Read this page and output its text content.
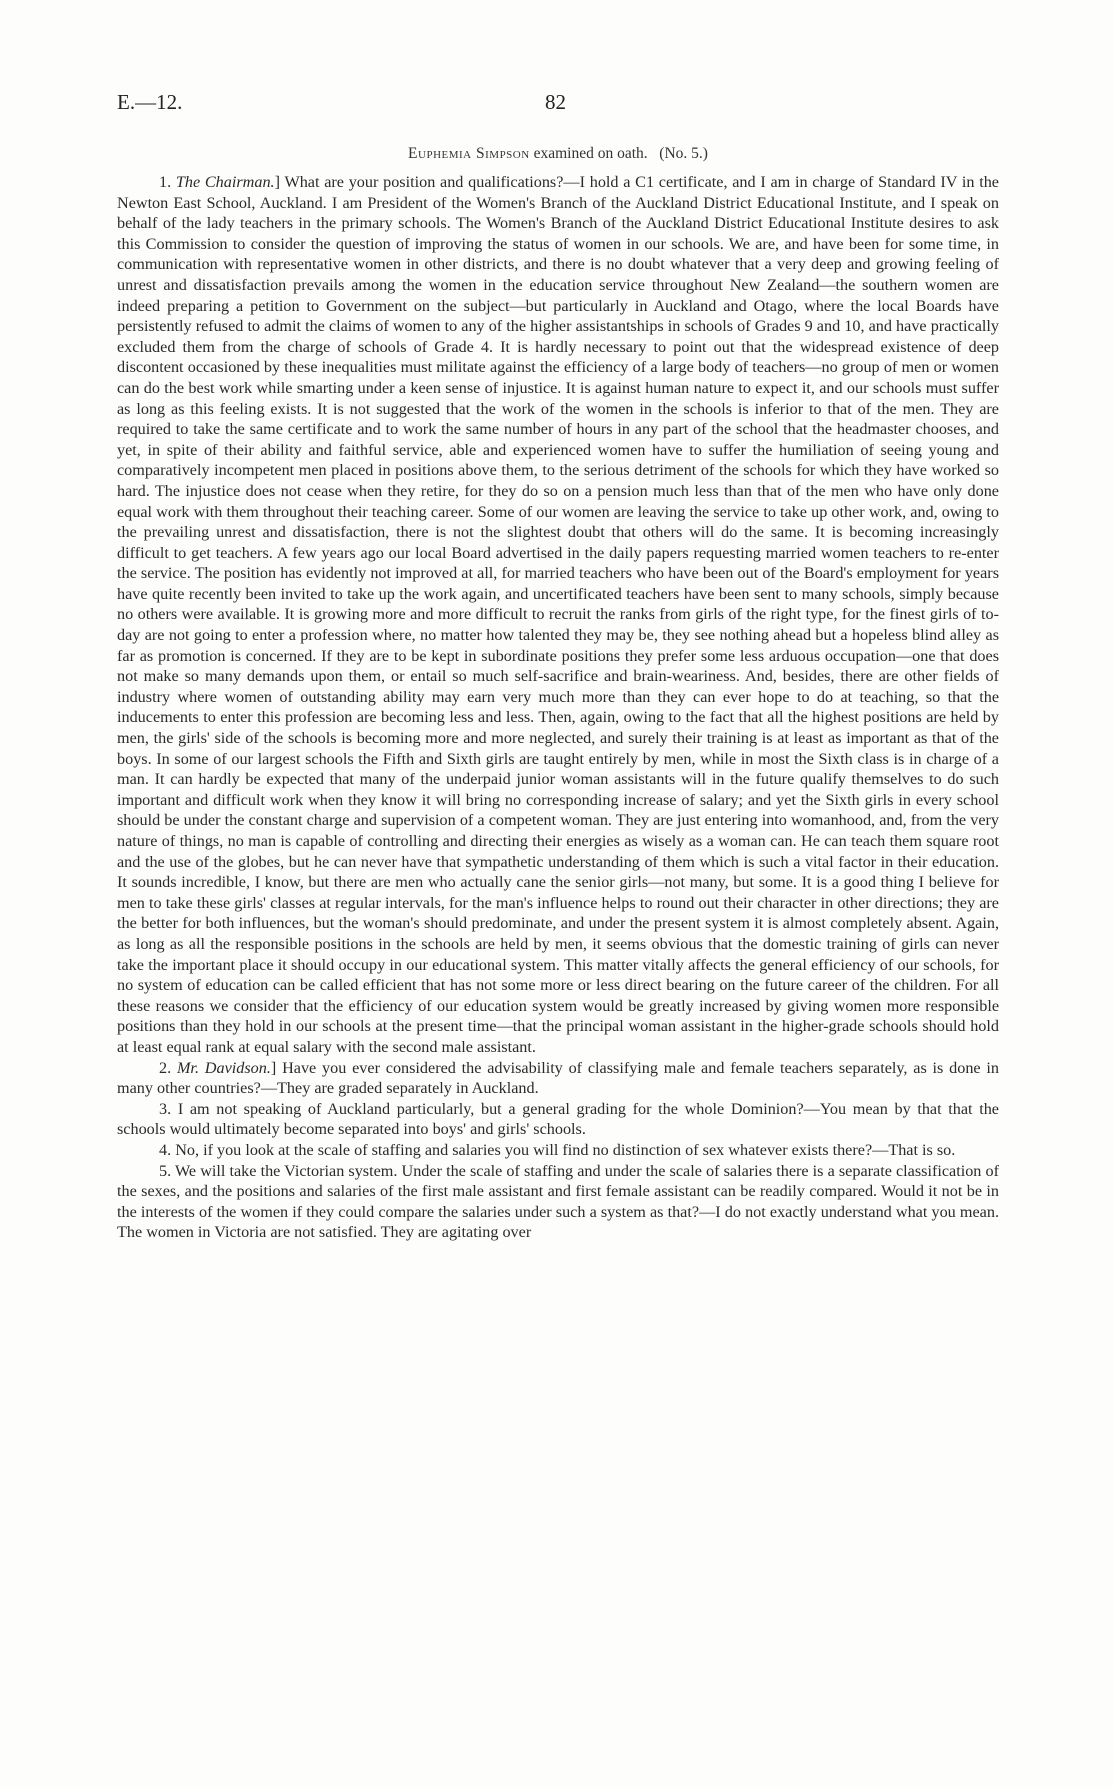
E.—12.	82
Euphemia Simpson examined on oath. (No. 5.)

1. The Chairman.] What are your position and qualifications?—I hold a C1 certificate, and I am in charge of Standard IV in the Newton East School, Auckland. I am President of the Women's Branch of the Auckland District Educational Institute, and I speak on behalf of the lady teachers in the primary schools. The Women's Branch of the Auckland District Educational Institute desires to ask this Commission to consider the question of improving the status of women in our schools. We are, and have been for some time, in communication with representative women in other districts, and there is no doubt whatever that a very deep and growing feeling of unrest and dissatisfaction prevails among the women in the education service throughout New Zealand—the southern women are indeed preparing a petition to Government on the subject—but particularly in Auckland and Otago, where the local Boards have persistently refused to admit the claims of women to any of the higher assistantships in schools of Grades 9 and 10, and have practically excluded them from the charge of schools of Grade 4. It is hardly necessary to point out that the widespread existence of deep discontent occasioned by these inequalities must militate against the efficiency of a large body of teachers—no group of men or women can do the best work while smarting under a keen sense of injustice. It is against human nature to expect it, and our schools must suffer as long as this feeling exists. It is not suggested that the work of the women in the schools is inferior to that of the men. They are required to take the same certificate and to work the same number of hours in any part of the school that the headmaster chooses, and yet, in spite of their ability and faithful service, able and experienced women have to suffer the humiliation of seeing young and comparatively incompetent men placed in positions above them, to the serious detriment of the schools for which they have worked so hard. The injustice does not cease when they retire, for they do so on a pension much less than that of the men who have only done equal work with them throughout their teaching career. Some of our women are leaving the service to take up other work, and, owing to the prevailing unrest and dissatisfaction, there is not the slightest doubt that others will do the same. It is becoming increasingly difficult to get teachers. A few years ago our local Board advertised in the daily papers requesting married women teachers to re-enter the service. The position has evidently not improved at all, for married teachers who have been out of the Board's employment for years have quite recently been invited to take up the work again, and uncertificated teachers have been sent to many schools, simply because no others were available. It is growing more and more difficult to recruit the ranks from girls of the right type, for the finest girls of to-day are not going to enter a profession where, no matter how talented they may be, they see nothing ahead but a hopeless blind alley as far as promotion is concerned. If they are to be kept in subordinate positions they prefer some less arduous occupation—one that does not make so many demands upon them, or entail so much self-sacrifice and brain-weariness. And, besides, there are other fields of industry where women of outstanding ability may earn very much more than they can ever hope to do at teaching, so that the inducements to enter this profession are becoming less and less. Then, again, owing to the fact that all the highest positions are held by men, the girls' side of the schools is becoming more and more neglected, and surely their training is at least as important as that of the boys. In some of our largest schools the Fifth and Sixth girls are taught entirely by men, while in most the Sixth class is in charge of a man. It can hardly be expected that many of the underpaid junior woman assistants will in the future qualify themselves to do such important and difficult work when they know it will bring no corresponding increase of salary; and yet the Sixth girls in every school should be under the constant charge and supervision of a competent woman. They are just entering into womanhood, and, from the very nature of things, no man is capable of controlling and directing their energies as wisely as a woman can. He can teach them square root and the use of the globes, but he can never have that sympathetic understanding of them which is such a vital factor in their education. It sounds incredible, I know, but there are men who actually cane the senior girls—not many, but some. It is a good thing I believe for men to take these girls' classes at regular intervals, for the man's influence helps to round out their character in other directions; they are the better for both influences, but the woman's should predominate, and under the present system it is almost completely absent. Again, as long as all the responsible positions in the schools are held by men, it seems obvious that the domestic training of girls can never take the important place it should occupy in our educational system. This matter vitally affects the general efficiency of our schools, for no system of education can be called efficient that has not some more or less direct bearing on the future career of the children. For all these reasons we consider that the efficiency of our education system would be greatly increased by giving women more responsible positions than they hold in our schools at the present time—that the principal woman assistant in the higher-grade schools should hold at least equal rank at equal salary with the second male assistant.

2. Mr. Davidson.] Have you ever considered the advisability of classifying male and female teachers separately, as is done in many other countries?—They are graded separately in Auckland.

3. I am not speaking of Auckland particularly, but a general grading for the whole Dominion?—You mean by that that the schools would ultimately become separated into boys' and girls' schools.

4. No, if you look at the scale of staffing and salaries you will find no distinction of sex whatever exists there?—That is so.

5. We will take the Victorian system. Under the scale of staffing and under the scale of salaries there is a separate classification of the sexes, and the positions and salaries of the first male assistant and first female assistant can be readily compared. Would it not be in the interests of the women if they could compare the salaries under such a system as that?—I do not exactly understand what you mean. The women in Victoria are not satisfied. They are agitating over
